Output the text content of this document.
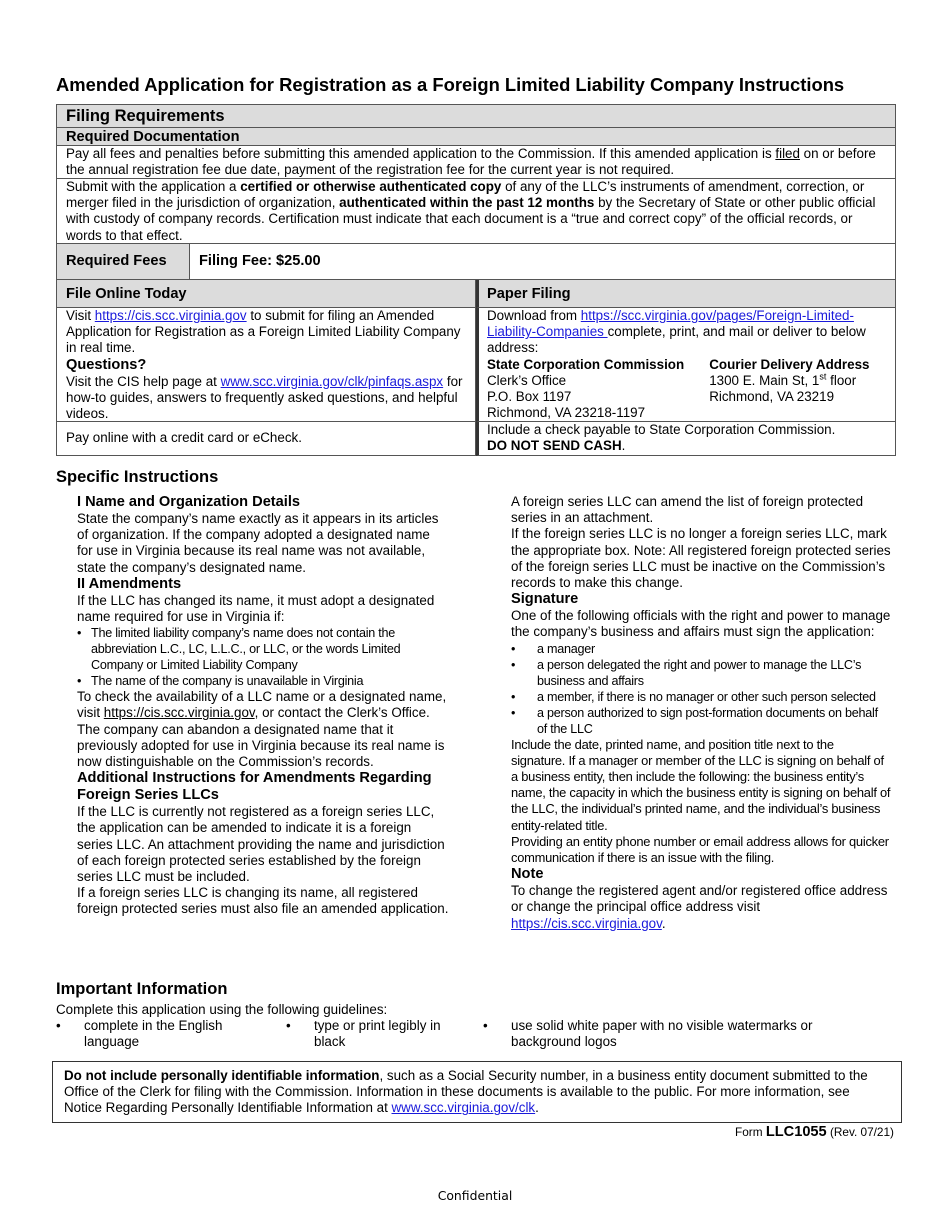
Amended Application for Registration as a Foreign Limited Liability Company Instructions
Filing Requirements
Required Documentation
Pay all fees and penalties before submitting this amended application to the Commission. If this amended application is filed on or before the annual registration fee due date, payment of the registration fee for the current year is not required.
Submit with the application a certified or otherwise authenticated copy of any of the LLC’s instruments of amendment, correction, or merger filed in the jurisdiction of organization, authenticated within the past 12 months by the Secretary of State or other public official with custody of company records. Certification must indicate that each document is a “true and correct copy” of the official records, or words to that effect.
Required Fees	Filing Fee: $25.00
File Online Today	Paper Filing
Visit https://cis.scc.virginia.gov to submit for filing an Amended Application for Registration as a Foreign Limited Liability Company in real time.
Questions?
Visit the CIS help page at www.scc.virginia.gov/clk/pinfaqs.aspx for how-to guides, answers to frequently asked questions, and helpful videos.
Download from https://scc.virginia.gov/pages/Foreign-Limited-Liability-Companies complete, print, and mail or deliver to below address:
State Corporation Commission
Clerk’s Office
P.O. Box 1197
Richmond, VA 23218-1197
Courier Delivery Address
1300 E. Main St, 1st floor
Richmond, VA 23219
Pay online with a credit card or eCheck.
Include a check payable to State Corporation Commission.
DO NOT SEND CASH.
Specific Instructions
I Name and Organization Details
State the company’s name exactly as it appears in its articles of organization. If the company adopted a designated name for use in Virginia because its real name was not available, state the company’s designated name.
II Amendments
If the LLC has changed its name, it must adopt a designated name required for use in Virginia if:
• The limited liability company’s name does not contain the abbreviation L.C., LC, L.L.C., or LLC, or the words Limited Company or Limited Liability Company
• The name of the company is unavailable in Virginia
To check the availability of a LLC name or a designated name, visit https://cis.scc.virginia.gov, or contact the Clerk’s Office.
The company can abandon a designated name that it previously adopted for use in Virginia because its real name is now distinguishable on the Commission’s records.
Additional Instructions for Amendments Regarding Foreign Series LLCs
If the LLC is currently not registered as a foreign series LLC, the application can be amended to indicate it is a foreign series LLC. An attachment providing the name and jurisdiction of each foreign protected series established by the foreign series LLC must be included.
If a foreign series LLC is changing its name, all registered foreign protected series must also file an amended application.
A foreign series LLC can amend the list of foreign protected series in an attachment.
If the foreign series LLC is no longer a foreign series LLC, mark the appropriate box. Note: All registered foreign protected series of the foreign series LLC must be inactive on the Commission’s records to make this change.
Signature
One of the following officials with the right and power to manage the company’s business and affairs must sign the application:
• a manager
• a person delegated the right and power to manage the LLC’s business and affairs
• a member, if there is no manager or other such person selected
• a person authorized to sign post-formation documents on behalf of the LLC
Include the date, printed name, and position title next to the signature. If a manager or member of the LLC is signing on behalf of a business entity, then include the following: the business entity’s name, the capacity in which the business entity is signing on behalf of the LLC, the individual’s printed name, and the individual’s business entity-related title.
Providing an entity phone number or email address allows for quicker communication if there is an issue with the filing.
Note
To change the registered agent and/or registered office address or change the principal office address visit https://cis.scc.virginia.gov.
Important Information
Complete this application using the following guidelines:
• complete in the English language
• type or print legibly in black
• use solid white paper with no visible watermarks or background logos
Do not include personally identifiable information, such as a Social Security number, in a business entity document submitted to the Office of the Clerk for filing with the Commission. Information in these documents is available to the public. For more information, see Notice Regarding Personally Identifiable Information at www.scc.virginia.gov/clk.
Form LLC1055 (Rev. 07/21)
Confidential
